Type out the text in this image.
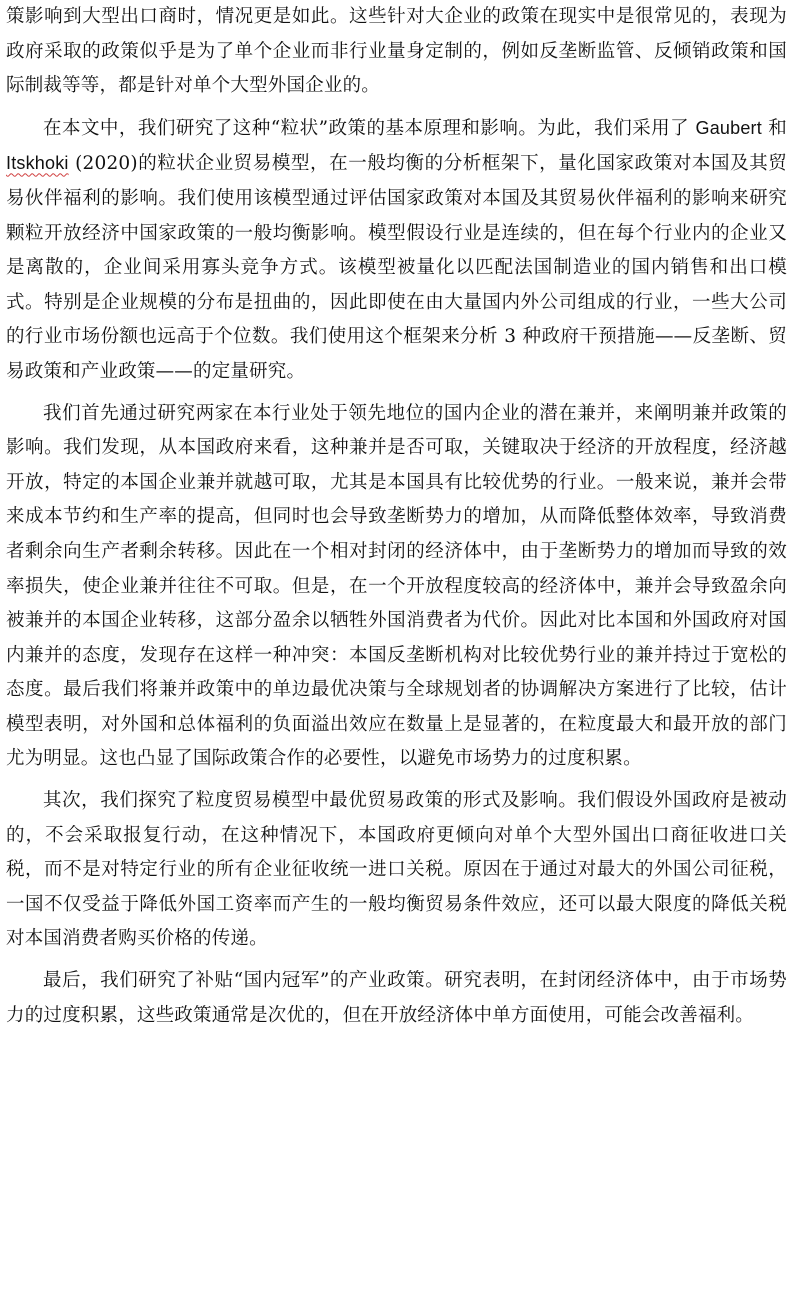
策影响到大型出口商时，情况更是如此。这些针对大企业的政策在现实中是很常见的，表现为政府采取的政策似乎是为了单个企业而非行业量身定制的，例如反垄断监管、反倾销政策和国际制裁等等，都是针对单个大型外国企业的。

在本文中，我们研究了这种“粒状”政策的基本原理和影响。为此，我们采用了 Gaubert 和 Itskhoki (2020)的粒状企业贸易模型，在一般均衡的分析框架下，量化国家政策对本国及其贸易伙伴福利的影响。我们使用该模型通过评估国家政策对本国及其贸易伙伴福利的影响来研究颗粒开放经济中国家政策的一般均衡影响。模型假设行业是连续的，但在每个行业内的企业又是离散的，企业间采用寡头竞争方式。该模型被量化以匹配法国制造业的国内销售和出口模式。特别是企业规模的分布是扭曲的，因此即使在由大量国内外公司组成的行业，一些大公司的行业市场份额也远高于个位数。我们使用这个框架来分析 3 种政府干预措施——反垄断、贸易政策和产业政策——的定量研究。

我们首先通过研究两家在本行业处于领先地位的国内企业的潜在兼并，来阐明兼并政策的影响。我们发现，从本国政府来看，这种兼并是否可取，关键取决于经济的开放程度，经济越开放，特定的本国企业兼并就越可取，尤其是本国具有比较优势的行业。一般来说，兼并会带来成本节约和生产率的提高，但同时也会导致垄断势力的增加，从而降低整体效率，导致消费者剩余向生产者剩余转移。因此在一个相对封闭的经济体中，由于垄断势力的增加而导致的效率损失，使企业兼并往往不可取。但是，在一个开放程度较高的经济体中，兼并会导致盈余向被兼并的本国企业转移，这部分盈余以牺牲外国消费者为代价。因此对比本国和外国政府对国内兼并的态度，发现存在这样一种冲突：本国反垄断机构对比较优势行业的兼并持过于宽松的态度。最后我们将兼并政策中的单边最优决策与全球规划者的协调解决方案进行了比较，估计模型表明，对外国和总体福利的负面溢出效应在数量上是显著的，在粒度最大和最开放的部门尤为明显。这也凸显了国际政策合作的必要性，以避免市场势力的过度积累。

其次，我们探究了粒度贸易模型中最优贸易政策的形式及影响。我们假设外国政府是被动的，不会采取报复行动，在这种情况下，本国政府更倾向对单个大型外国出口商征收进口关税，而不是对特定行业的所有企业征收统一进口关税。原因在于通过对最大的外国公司征税，一国不仅受益于降低外国工资率而产生的一般均衡贸易条件效应，还可以最大限度的降低关税对本国消费者购买价格的传递。

最后，我们研究了补贴“国内冠军”的产业政策。研究表明，在封闭经济体中，由于市场势力的过度积累，这些政策通常是次优的，但在开放经济体中单方面使用，可能会改善福利。
